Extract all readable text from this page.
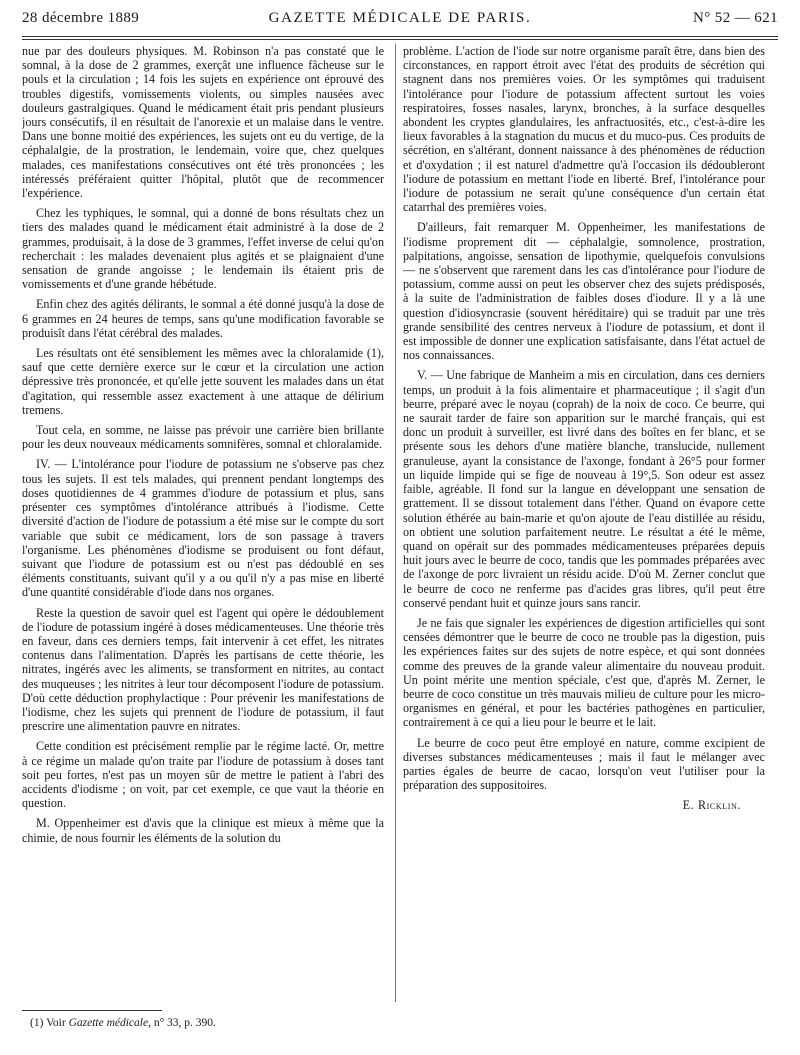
28 décembre 1889	GAZETTE MÉDICALE DE PARIS.	N° 52 — 621

nue par des douleurs physiques. M. Robinson n'a pas constaté que le somnal, à la dose de 2 grammes, exerçât une influence fâcheuse sur le pouls et la circulation ; 14 fois les sujets en expérience ont éprouvé des troubles digestifs, vomissements violents, ou simples nausées avec douleurs gastralgiques. Quand le médicament était pris pendant plusieurs jours consécutifs, il en résultait de l'anorexie et un malaise dans le ventre. Dans une bonne moitié des expériences, les sujets ont eu du vertige, de la céphalalgie, de la prostration, le lendemain, voire que, chez quelques malades, ces manifestations consécutives ont été très prononcées ; les intéressés préféraient quitter l'hôpital, plutôt que de recommencer l'expérience.

Chez les typhiques, le somnal, qui a donné de bons résultats chez un tiers des malades quand le médicament était administré à la dose de 2 grammes, produisait, à la dose de 3 grammes, l'effet inverse de celui qu'on recherchait : les malades devenaient plus agités et se plaignaient d'une sensation de grande angoisse ; le lendemain ils étaient pris de vomissements et d'une grande hébétude.

Enfin chez des agités délirants, le somnal a été donné jusqu'à la dose de 6 grammes en 24 heures de temps, sans qu'une modification favorable se produisît dans l'état cérébral des malades.

Les résultats ont été sensiblement les mêmes avec la chloralamide (1), sauf que cette dernière exerce sur le cœur et la circulation une action dépressive très prononcée, et qu'elle jette souvent les malades dans un état d'agitation, qui ressemble assez exactement à une attaque de délirium tremens.

Tout cela, en somme, ne laisse pas prévoir une carrière bien brillante pour les deux nouveaux médicaments somnifères, somnal et chloralamide.

IV. — L'intolérance pour l'iodure de potassium ne s'observe pas chez tous les sujets. Il est tels malades, qui prennent pendant longtemps des doses quotidiennes de 4 grammes d'iodure de potassium et plus, sans présenter ces symptômes d'intolérance attribués à l'iodisme. Cette diversité d'action de l'iodure de potassium a été mise sur le compte du sort variable que subit ce médicament, lors de son passage à travers l'organisme. Les phénomènes d'iodisme se produisent ou font défaut, suivant que l'iodure de potassium est ou n'est pas dédoublé en ses éléments constituants, suivant qu'il y a ou qu'il n'y a pas mise en liberté d'une quantité considérable d'iode dans nos organes.

Reste la question de savoir quel est l'agent qui opère le dédoublement de l'iodure de potassium ingéré à doses médicamenteuses. Une théorie très en faveur, dans ces derniers temps, fait intervenir à cet effet, les nitrates contenus dans l'alimentation. D'après les partisans de cette théorie, les nitrates, ingérés avec les aliments, se transforment en nitrites, au contact des muqueuses ; les nitrites à leur tour décomposent l'iodure de potassium. D'où cette déduction prophylactique : Pour prévenir les manifestations de l'iodisme, chez les sujets qui prennent de l'iodure de potassium, il faut prescrire une alimentation pauvre en nitrates.

Cette condition est précisément remplie par le régime lacté. Or, mettre à ce régime un malade qu'on traite par l'iodure de potassium à doses tant soit peu fortes, n'est pas un moyen sûr de mettre le patient à l'abri des accidents d'iodisme ; on voit, par cet exemple, ce que vaut la théorie en question.

M. Oppenheimer est d'avis que la clinique est mieux à même que la chimie, de nous fournir les éléments de la solution du

problème. L'action de l'iode sur notre organisme paraît être, dans bien des circonstances, en rapport étroit avec l'état des produits de sécrétion qui stagnent dans nos premières voies. Or les symptômes qui traduisent l'intolérance pour l'iodure de potassium affectent surtout les voies respiratoires, fosses nasales, larynx, bronches, à la surface desquelles abondent les cryptes glandulaires, les anfractuosités, etc., c'est-à-dire les lieux favorables à la stagnation du mucus et du muco-pus. Ces produits de sécrétion, en s'altérant, donnent naissance à des phénomènes de réduction et d'oxydation ; il est naturel d'admettre qu'à l'occasion ils dédoubleront l'iodure de potassium en mettant l'iode en liberté. Bref, l'intolérance pour l'iodure de potassium ne serait qu'une conséquence d'un certain état catarrhal des premières voies.

D'ailleurs, fait remarquer M. Oppenheimer, les manifestations de l'iodisme proprement dit — céphalalgie, somnolence, prostration, palpitations, angoisse, sensation de lipothymie, quelquefois convulsions — ne s'observent que rarement dans les cas d'intolérance pour l'iodure de potassium, comme aussi on peut les observer chez des sujets prédisposés, à la suite de l'administration de faibles doses d'iodure. Il y a là une question d'idiosyncrasie (souvent héréditaire) qui se traduit par une très grande sensibilité des centres nerveux à l'iodure de potassium, et dont il est impossible de donner une explication satisfaisante, dans l'état actuel de nos connaissances.

V. — Une fabrique de Manheim a mis en circulation, dans ces derniers temps, un produit à la fois alimentaire et pharmaceutique ; il s'agit d'un beurre, préparé avec le noyau (coprah) de la noix de coco. Ce beurre, qui ne saurait tarder de faire son apparition sur le marché français, qui est donc un produit à surveiller, est livré dans des boîtes en fer blanc, et se présente sous les dehors d'une matière blanche, translucide, nullement granuleuse, ayant la consistance de l'axonge, fondant à 26°5 pour former un liquide limpide qui se fige de nouveau à 19°,5. Son odeur est assez faible, agréable. Il fond sur la langue en développant une sensation de grattement. Il se dissout totalement dans l'éther. Quand on évapore cette solution éthérée au bain-marie et qu'on ajoute de l'eau distillée au résidu, on obtient une solution parfaitement neutre. Le résultat a été le même, quand on opérait sur des pommades médicamenteuses préparées depuis huit jours avec le beurre de coco, tandis que les pommades préparées avec de l'axonge de porc livraient un résidu acide. D'où M. Zerner conclut que le beurre de coco ne renferme pas d'acides gras libres, qu'il peut être conservé pendant huit et quinze jours sans rancir.

Je ne fais que signaler les expériences de digestion artificielles qui sont censées démontrer que le beurre de coco ne trouble pas la digestion, puis les expériences faites sur des sujets de notre espèce, et qui sont données comme des preuves de la grande valeur alimentaire du nouveau produit. Un point mérite une mention spéciale, c'est que, d'après M. Zerner, le beurre de coco constitue un très mauvais milieu de culture pour les micro-organismes en général, et pour les bactéries pathogènes en particulier, contrairement à ce qui a lieu pour le beurre et le lait.

Le beurre de coco peut être employé en nature, comme excipient de diverses substances médicamenteuses ; mais il faut le mélanger avec parties égales de beurre de cacao, lorsqu'on veut l'utiliser pour la préparation des suppositoires.

E. Ricklin.

(1) Voir Gazette médicale, n° 33, p. 390.
